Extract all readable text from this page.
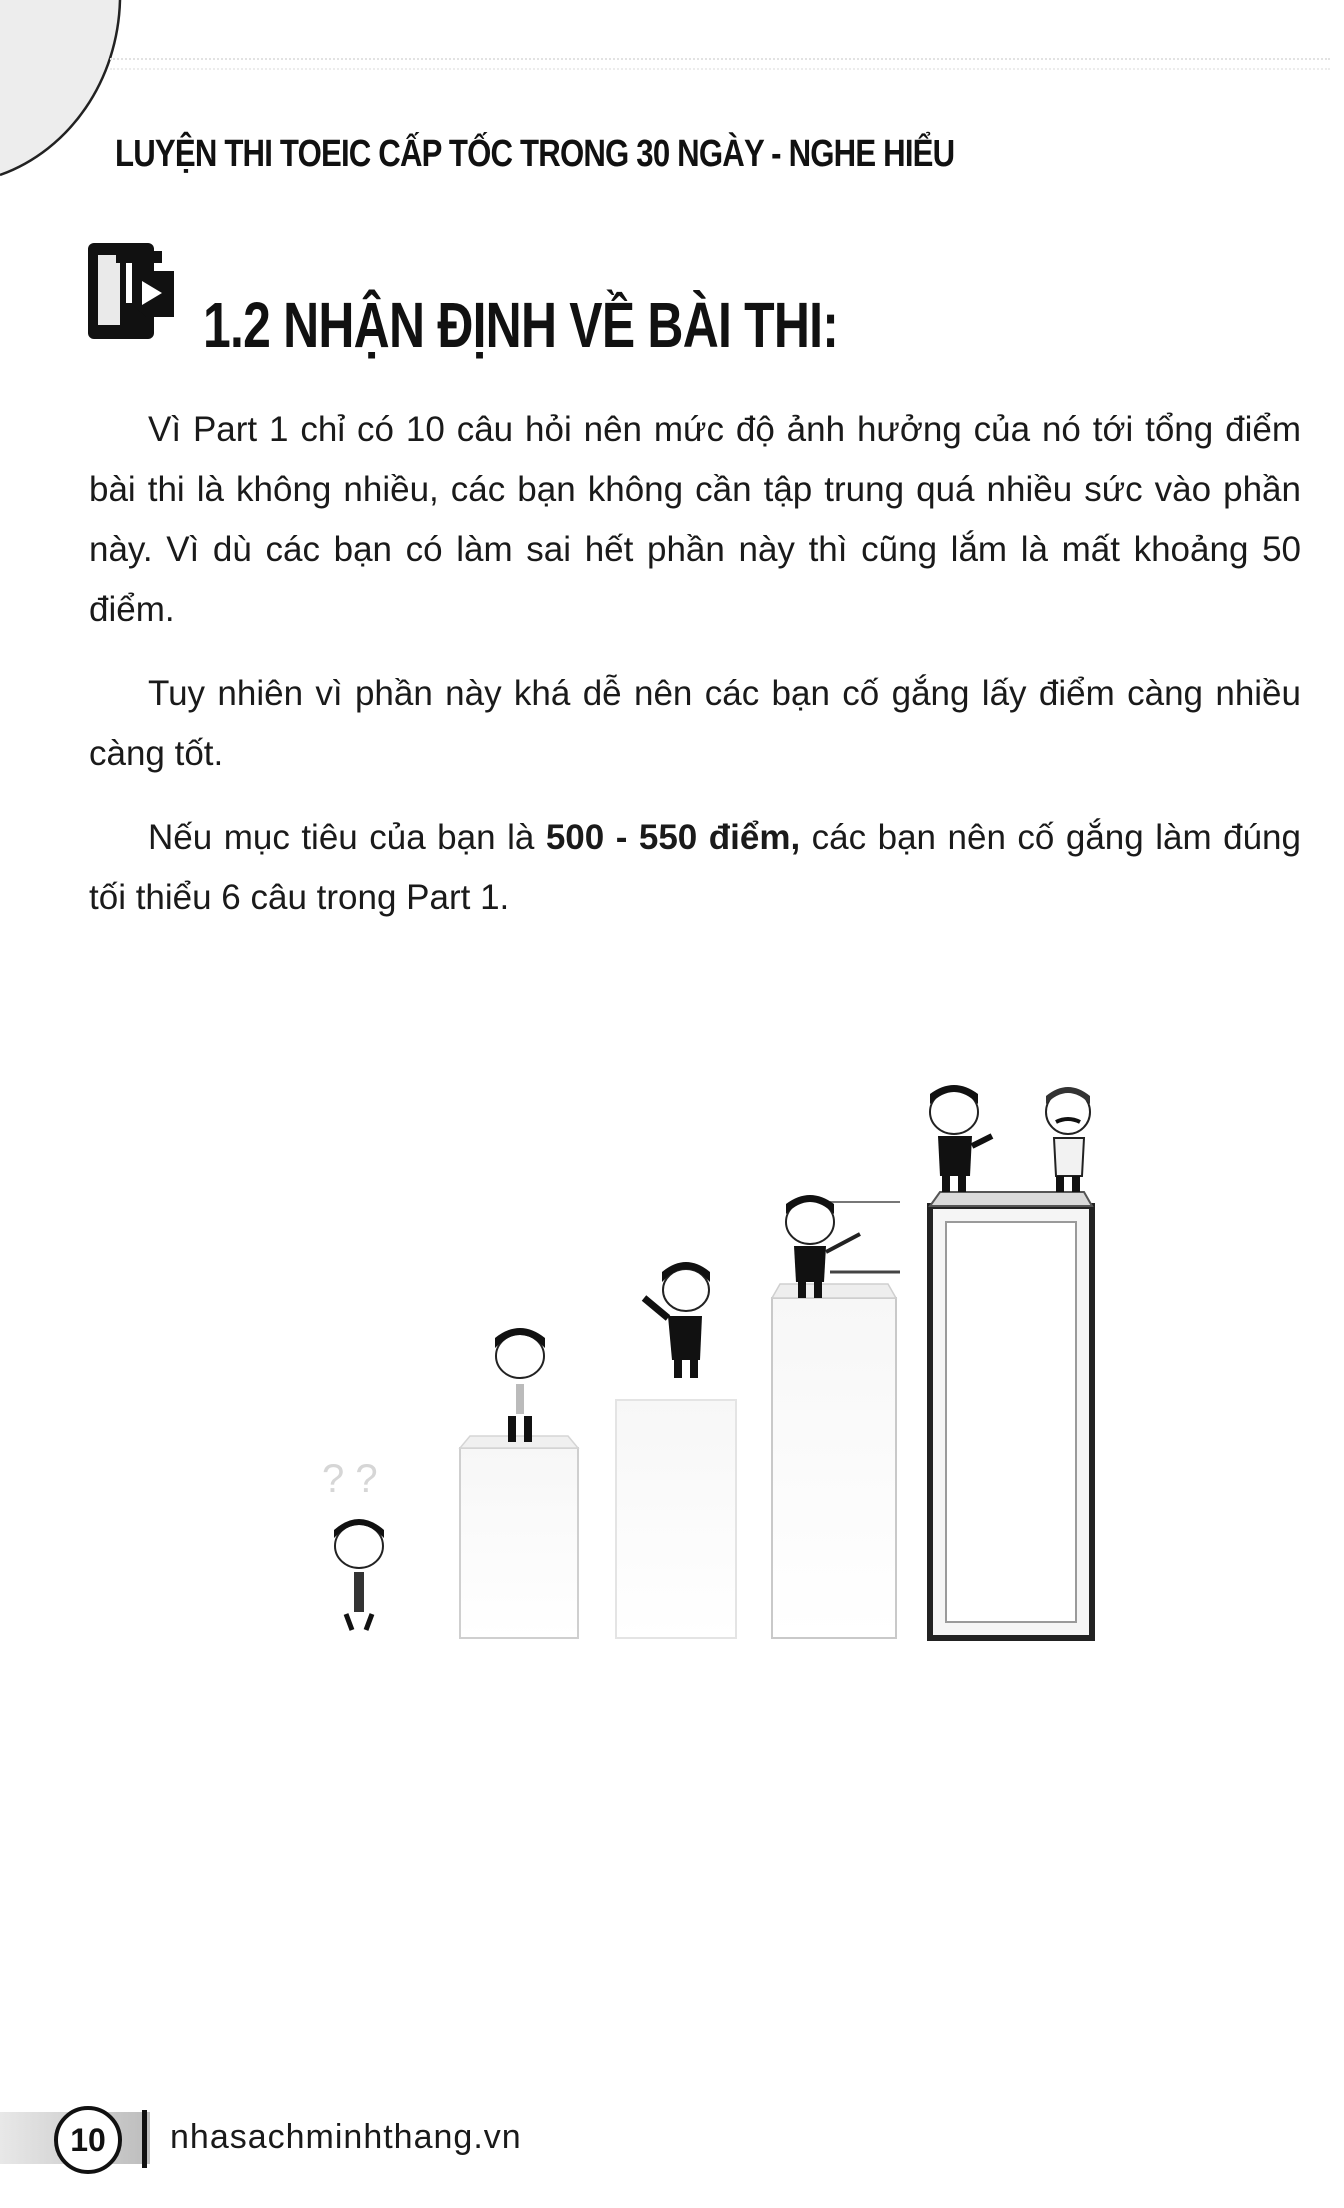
LUYỆN THI TOEIC CẤP TỐC TRONG 30 NGÀY - NGHE HIỂU
1.2 NHẬN ĐỊNH VỀ BÀI THI:

Vì Part 1 chỉ có 10 câu hỏi nên mức độ ảnh hưởng của nó tới tổng điểm bài thi là không nhiều, các bạn không cần tập trung quá nhiều sức vào phần này. Vì dù các bạn có làm sai hết phần này thì cũng lắm là mất khoảng 50 điểm.

Tuy nhiên vì phần này khá dễ nên các bạn cố gắng lấy điểm càng nhiều càng tốt.

Nếu mục tiêu của bạn là 500 - 550 điểm, các bạn nên cố gắng làm đúng tối thiểu 6 câu trong Part 1.

? ?
10	nhasachminhthang.vn
